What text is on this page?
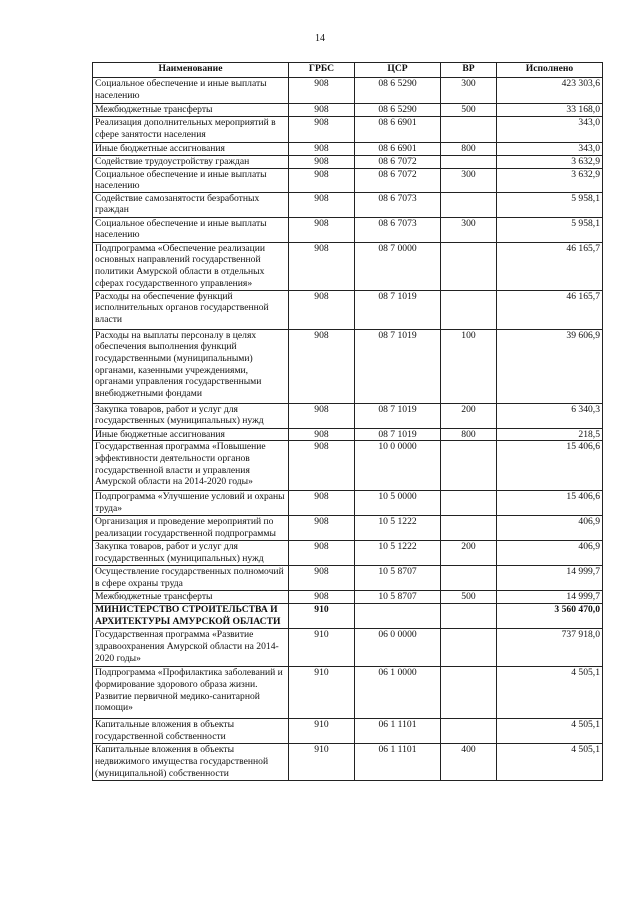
14
Наименование	ГРБС	ЦСР	ВР	Исполнено
Социальное обеспечение и иные выплаты населению	908	08 6 5290	300	423 303,6
Межбюджетные трансферты	908	08 6 5290	500	33 168,0
Реализация дополнительных мероприятий в сфере занятости населения	908	08 6 6901		343,0
Иные бюджетные ассигнования	908	08 6 6901	800	343,0
Содействие трудоустройству граждан	908	08 6 7072		3 632,9
Социальное обеспечение и иные выплаты населению	908	08 6 7072	300	3 632,9
Содействие самозанятости безработных граждан	908	08 6 7073		5 958,1
Социальное обеспечение и иные выплаты населению	908	08 6 7073	300	5 958,1
Подпрограмма «Обеспечение реализации основных направлений государственной политики Амурской области в отдельных сферах государственного управления»	908	08 7 0000		46 165,7
Расходы на обеспечение функций исполнительных органов государственной власти	908	08 7 1019		46 165,7
Расходы на выплаты персоналу в целях обеспечения выполнения функций государственными (муниципальными) органами, казенными учреждениями, органами управления государственными внебюджетными фондами	908	08 7 1019	100	39 606,9
Закупка товаров, работ и услуг для государственных (муниципальных) нужд	908	08 7 1019	200	6 340,3
Иные бюджетные ассигнования	908	08 7 1019	800	218,5
Государственная программа «Повышение эффективности деятельности органов государственной власти и управления Амурской области на 2014-2020 годы»	908	10 0 0000		15 406,6
Подпрограмма «Улучшение условий и охраны труда»	908	10 5 0000		15 406,6
Организация и проведение мероприятий по реализации государственной подпрограммы	908	10 5 1222		406,9
Закупка товаров, работ и услуг для государственных (муниципальных) нужд	908	10 5 1222	200	406,9
Осуществление государственных полномочий в сфере охраны труда	908	10 5 8707		14 999,7
Межбюджетные трансферты	908	10 5 8707	500	14 999,7
МИНИСТЕРСТВО СТРОИТЕЛЬСТВА И АРХИТЕКТУРЫ АМУРСКОЙ ОБЛАСТИ	910			3 560 470,0
Государственная программа «Развитие здравоохранения Амурской области на 2014-2020 годы»	910	06 0 0000		737 918,0
Подпрограмма «Профилактика заболеваний и формирование здорового образа жизни. Развитие первичной медико-санитарной помощи»	910	06 1 0000		4 505,1
Капитальные вложения в объекты государственной собственности	910	06 1 1101		4 505,1
Капитальные вложения в объекты недвижимого имущества государственной (муниципальной) собственности	910	06 1 1101	400	4 505,1
